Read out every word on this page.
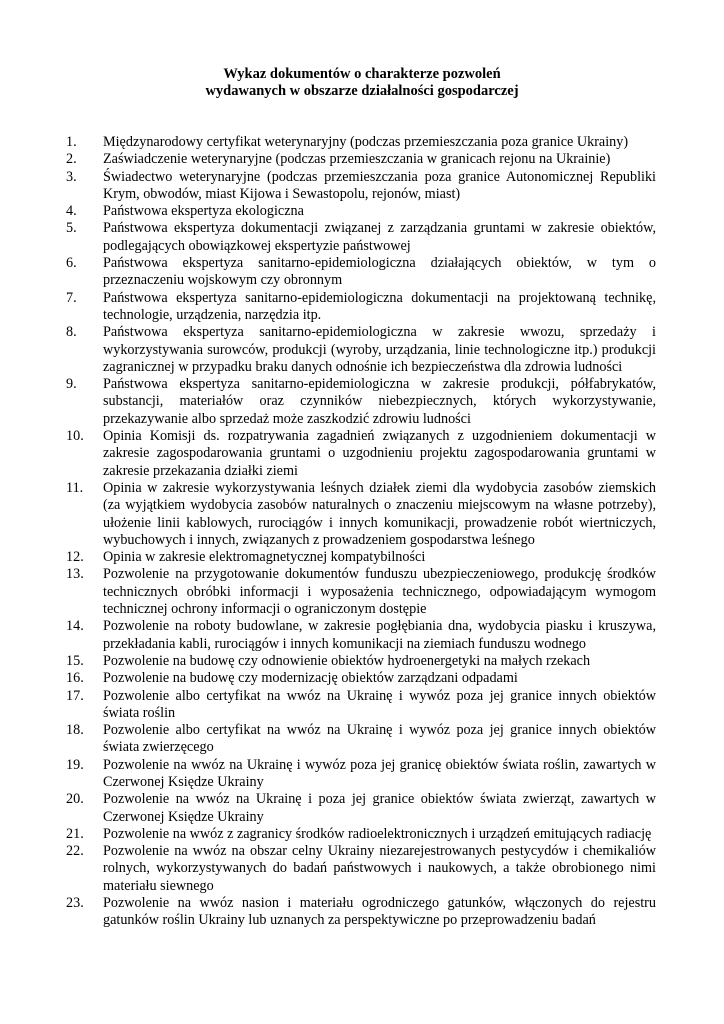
Wykaz dokumentów o charakterze pozwoleń
wydawanych w obszarze działalności gospodarczej
1.	Międzynarodowy certyfikat weterynaryjny (podczas przemieszczania poza granice Ukrainy)
2.	Zaświadczenie weterynaryjne (podczas przemieszczania w granicach rejonu na Ukrainie)
3.	Świadectwo weterynaryjne (podczas przemieszczania poza granice Autonomicznej Republiki Krym, obwodów, miast Kijowa i Sewastopolu, rejonów, miast)
4.	Państwowa ekspertyza ekologiczna
5.	Państwowa ekspertyza dokumentacji związanej z zarządzania gruntami w zakresie obiektów, podlegających obowiązkowej ekspertyzie państwowej
6.	Państwowa ekspertyza sanitarno-epidemiologiczna działających obiektów, w tym o przeznaczeniu wojskowym czy obronnym
7.	Państwowa ekspertyza sanitarno-epidemiologiczna dokumentacji na projektowaną technikę, technologie, urządzenia, narzędzia itp.
8.	Państwowa ekspertyza sanitarno-epidemiologiczna w zakresie wwozu, sprzedaży i wykorzystywania surowców, produkcji (wyroby, urządzania, linie technologiczne itp.) produkcji zagranicznej w przypadku braku danych odnośnie ich bezpieczeństwa dla zdrowia ludności
9.	Państwowa ekspertyza sanitarno-epidemiologiczna w zakresie produkcji, półfabrykatów, substancji, materiałów oraz czynników niebezpiecznych, których wykorzystywanie, przekazywanie albo sprzedaż może zaszkodzić zdrowiu ludności
10.	Opinia Komisji ds. rozpatrywania zagadnień związanych z uzgodnieniem dokumentacji w zakresie zagospodarowania gruntami o uzgodnieniu projektu zagospodarowania gruntami w zakresie przekazania działki ziemi
11.	Opinia w zakresie wykorzystywania leśnych działek ziemi dla wydobycia zasobów ziemskich (za wyjątkiem wydobycia zasobów naturalnych o znaczeniu miejscowym na własne potrzeby), ułożenie linii kablowych, rurociągów i innych komunikacji, prowadzenie robót wiertniczych, wybuchowych i innych, związanych z prowadzeniem gospodarstwa leśnego
12.	Opinia w zakresie elektromagnetycznej kompatybilności
13.	Pozwolenie na przygotowanie dokumentów funduszu ubezpieczeniowego, produkcję środków technicznych obróbki informacji i wyposażenia technicznego, odpowiadającym wymogom technicznej ochrony informacji o ograniczonym dostępie
14.	Pozwolenie na roboty budowlane, w zakresie pogłębiania dna, wydobycia piasku i kruszywa, przekładania kabli, rurociągów i innych komunikacji na ziemiach funduszu wodnego
15.	Pozwolenie na budowę czy odnowienie obiektów hydroenergetyki na małych rzekach
16.	Pozwolenie na budowę czy modernizację obiektów zarządzani odpadami
17.	Pozwolenie albo certyfikat na wwóz na Ukrainę i wywóz poza jej granice innych obiektów świata roślin
18.	Pozwolenie albo certyfikat na wwóz na Ukrainę i wywóz poza jej granice innych obiektów świata zwierzęcego
19.	Pozwolenie na wwóz na Ukrainę i wywóz poza jej granicę obiektów świata roślin, zawartych w Czerwonej Księdze Ukrainy
20.	Pozwolenie na wwóz na Ukrainę i poza jej granice obiektów świata zwierząt, zawartych w Czerwonej Księdze Ukrainy
21.	Pozwolenie na wwóz z zagranicy środków radioelektronicznych i urządzeń emitujących radiację
22.	Pozwolenie na wwóz na obszar celny Ukrainy niezarejestrowanych pestycydów i chemikaliów rolnych, wykorzystywanych do badań państwowych i naukowych, a także obrobionego nimi materiału siewnego
23.	Pozwolenie na wwóz nasion i materiału ogrodniczego gatunków, włączonych do rejestru gatunków roślin Ukrainy lub uznanych za perspektywiczne po przeprowadzeniu badań
